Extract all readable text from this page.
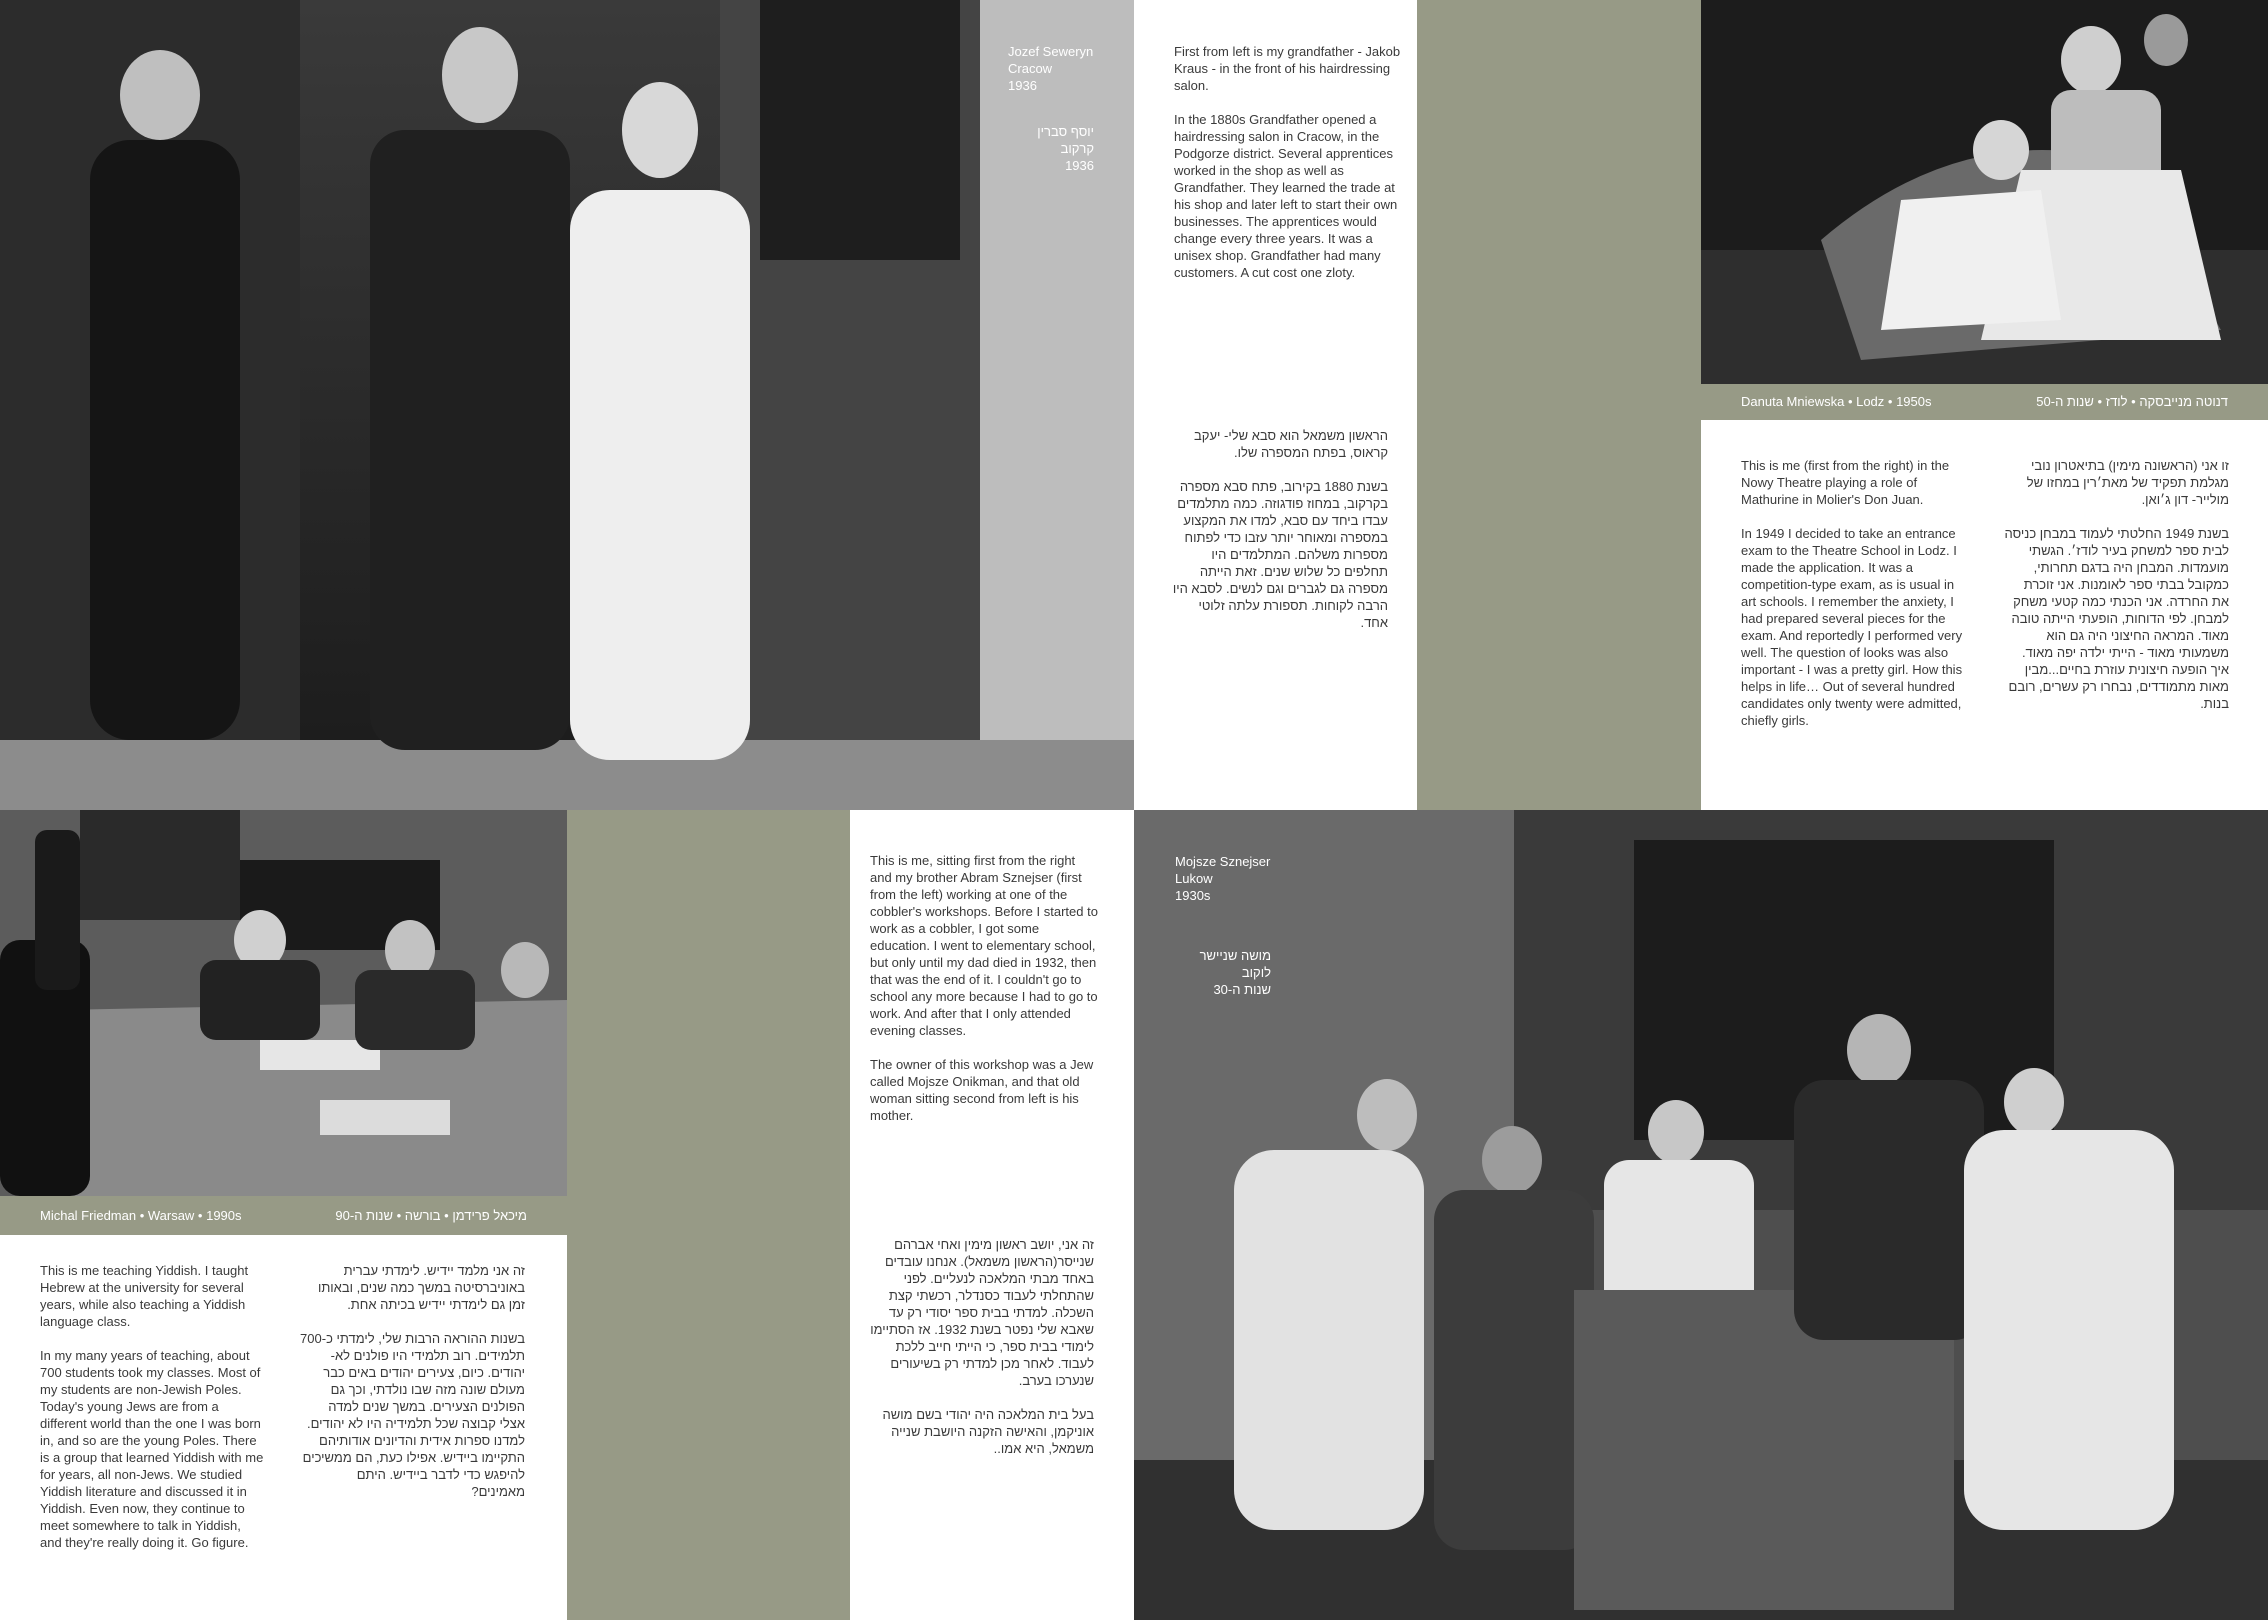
Jozef Seweryn
Cracow
1936
יוסף סברין
קרקוב
1936
First from left is my grandfather - Jakob Kraus - in the front of his hairdressing salon.

In the 1880s Grandfather opened a hairdressing salon in Cracow, in the Podgorze district. Several apprentices worked in the shop as well as Grandfather. They learned the trade at his shop and later left to start their own businesses. The apprentices would change every three years. It was a unisex shop. Grandfather had many customers. A cut cost one zloty.
הראשון משמאל הוא סבא שלי- יעקב קראוס, בפתח המספרה שלו.

בשנת 1880 בקירוב, פתח סבא מספרה בקרקוב, במחוז פודגוזה. כמה מתלמדים עבדו ביחד עם סבא, למדו את המקצוע במספרה ומאוחר יותר עזבו כדי לפתוח מספרות משלהם. המתלמדים היו תחלפים כל שלוש שנים. זאת הייתה מספרה גם לגברים וגם לנשים. לסבא היו הרבה לקוחות. תספורת עלתה זלוטי אחד.
Danuta Mniewska • Lodz • 1950s	דנוטה מנייבסקה • לודז • שנות ה-50
This is me (first from the right) in the Nowy Theatre playing a role of Mathurine in Molier's Don Juan.

In 1949 I decided to take an entrance exam to the Theatre School in Lodz. I made the application. It was a competition-type exam, as is usual in art schools. I remember the anxiety, I had prepared several pieces for the exam. And reportedly I performed very well. The question of looks was also important - I was a pretty girl. How this helps in life… Out of several hundred candidates only twenty were admitted, chiefly girls.
זו אני (הראשונה מימין) בתיאטרון נובי מגלמת תפקיד של מאת׳רין במחזו של מולייר- דון ג׳ואן.

בשנת 1949 החלטתי לעמוד במבחן כניסה לבית ספר למשחק בעיר לודז׳. הגשתי מועמדות. המבחן היה בדגם תחרותי, כמקובל בבתי ספר לאומנות. אני זוכרת את החרדה. אני הכנתי כמה קטעי משחק למבחן. לפי הדוחות, הופעתי הייתה טובה מאוד. המראה החיצוני היה גם הוא משמעותי מאוד - הייתי ילדה יפה מאוד. איך הופעה חיצונית עוזרת בחיים...מבין מאות מתמודדים, נבחרו רק עשרים, רובם בנות.
Michal Friedman • Warsaw • 1990s	מיכאל פרידמן • בורשה • שנות ה-90
This is me teaching Yiddish. I taught Hebrew at the university for several years, while also teaching a Yiddish language class.

In my many years of teaching, about 700 students took my classes. Most of my students are non-Jewish Poles. Today's young Jews are from a different world than the one I was born in, and so are the young Poles. There is a group that learned Yiddish with me for years, all non-Jews. We studied Yiddish literature and discussed it in Yiddish. Even now, they continue to meet somewhere to talk in Yiddish, and they're really doing it. Go figure.
זה אני מלמד יידיש. לימדתי עברית באוניברסיטה במשך כמה שנים, ובאותו זמן גם לימדתי יידיש בכיתה אחת.

בשנות ההוראה הרבות שלי, לימדתי כ-700 תלמידים. רוב תלמידי היו פולנים לא- יהודים. כיום, צעירים יהודים באים כבר מעולם שונה מזה שבו נולדתי, וכך גם הפולנים הצעירים. במשך שנים למדה אצלי קבוצה שכל תלמידיה היו לא יהודים. למדנו ספרות אידית והדיונים אודותיהם התקיימו ביידיש. אפילו כעת, הם ממשיכים להיפגש כדי לדבר ביידיש. היתם מאמינים?
This is me, sitting first from the right and my brother Abram Sznejser (first from the left) working at one of the cobbler's workshops. Before I started to work as a cobbler, I got some education. I went to elementary school, but only until my dad died in 1932, then that was the end of it. I couldn't go to school any more because I had to go to work. And after that I only attended evening classes.

The owner of this workshop was a Jew called Mojsze Onikman, and that old woman sitting second from left is his mother.
זה אני, יושב ראשון מימין ואחי אברהם שנייסר(הראשון משמאל). אנחנו עובדים באחד מבתי המלאכה לנעליים. לפני שהתחלתי לעבוד כסנדלר, רכשתי קצת השכלה. למדתי בבית ספר יסודי רק עד שאבא שלי נפטר בשנת 1932. אז הסתיימו לימודי בבית ספר, כי הייתי חייב ללכת לעבוד. לאחר מכן למדתי רק בשיעורים שנערכו בערב.

בעל בית המלאכה היה יהודי בשם מושה אוניקמן, והאישה הזקנה היושבת שנייה משמאל, היא אמו..
Mojsze Sznejser
Lukow
1930s
מושה שניישר
לוקוב
שנות ה-30
